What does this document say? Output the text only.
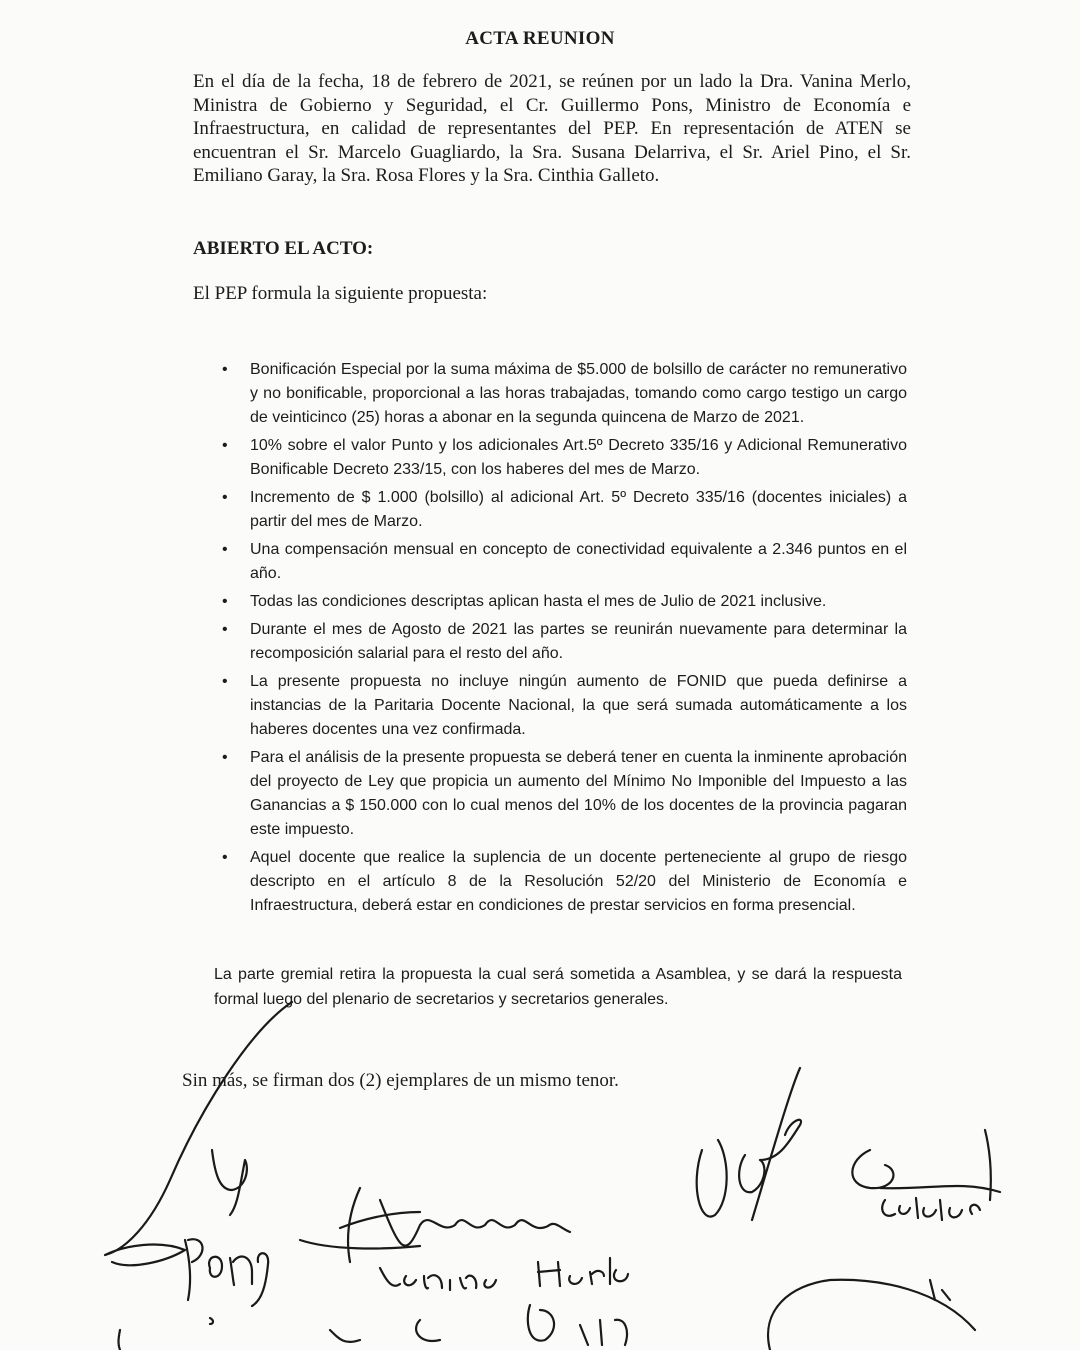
ACTA REUNION
En el día de la fecha, 18 de febrero de 2021, se reúnen por un lado la Dra. Vanina Merlo, Ministra de Gobierno y Seguridad, el Cr. Guillermo Pons, Ministro de Economía e Infraestructura, en calidad de representantes del PEP. En representación de ATEN se encuentran el Sr. Marcelo Guagliardo, la Sra. Susana Delarriva, el Sr. Ariel Pino, el Sr. Emiliano Garay, la Sra. Rosa Flores y la Sra. Cinthia Galleto.
ABIERTO EL ACTO:
El PEP formula la siguiente propuesta:
• Bonificación Especial por la suma máxima de $5.000 de bolsillo de carácter no remunerativo y no bonificable, proporcional a las horas trabajadas, tomando como cargo testigo un cargo de veinticinco (25) horas a abonar en la segunda quincena de Marzo de 2021.
• 10% sobre el valor Punto y los adicionales Art.5º Decreto 335/16 y Adicional Remunerativo Bonificable Decreto 233/15, con los haberes del mes de Marzo.
• Incremento de $ 1.000 (bolsillo) al adicional Art. 5º Decreto 335/16 (docentes iniciales) a partir del mes de Marzo.
• Una compensación mensual en concepto de conectividad equivalente a 2.346 puntos en el año.
• Todas las condiciones descriptas aplican hasta el mes de Julio de 2021 inclusive.
• Durante el mes de Agosto de 2021 las partes se reunirán nuevamente para determinar la recomposición salarial para el resto del año.
• La presente propuesta no incluye ningún aumento de FONID que pueda definirse a instancias de la Paritaria Docente Nacional, la que será sumada automáticamente a los haberes docentes una vez confirmada.
• Para el análisis de la presente propuesta se deberá tener en cuenta la inminente aprobación del proyecto de Ley que propicia un aumento del Mínimo No Imponible del Impuesto a las Ganancias a $ 150.000 con lo cual menos del 10% de los docentes de la provincia pagaran este impuesto.
• Aquel docente que realice la suplencia de un docente perteneciente al grupo de riesgo descripto en el artículo 8 de la Resolución 52/20 del Ministerio de Economía e Infraestructura, deberá estar en condiciones de prestar servicios en forma presencial.
La parte gremial retira la propuesta la cual será sometida a Asamblea, y se dará la respuesta formal luego del plenario de secretarios y secretarios generales.
Sin más, se firman dos (2) ejemplares de un mismo tenor.
